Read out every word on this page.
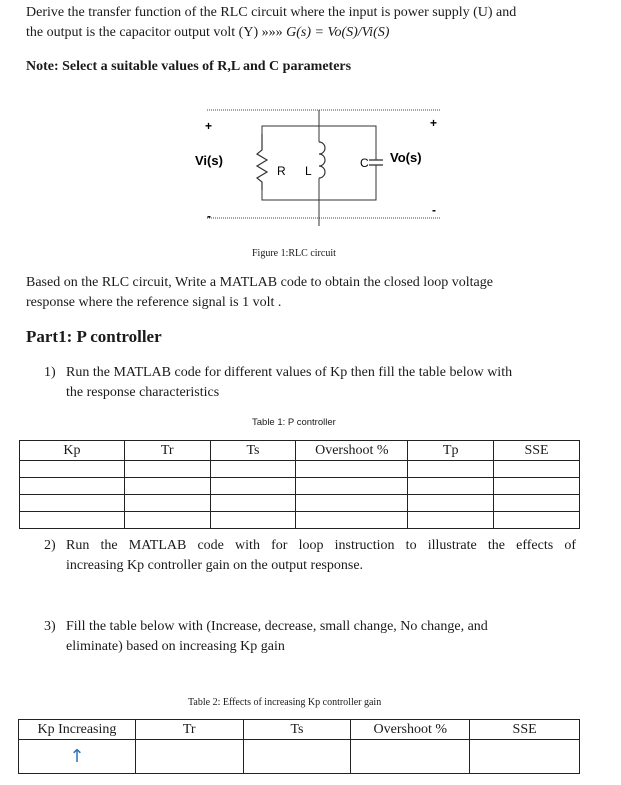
Derive the transfer function of the RLC circuit where the input is power supply (U) and
the output is the capacitor output volt (Y) »»» G(s) = Vo(S)/Vi(S)
Note: Select a suitable values of R,L and C parameters
+
-
Vi(s)
R L
C
+
-
Vo(s)
Figure 1:RLC circuit
Based on the RLC circuit, Write a MATLAB code to obtain the closed loop voltage
response where the reference signal is 1 volt .
Part1: P controller
1) Run the MATLAB code for different values of Kp then fill the table below with
the response characteristics
Table 1: P controller
Kp	Tr	Ts	Overshoot %	Tp	SSE

2) Run the MATLAB code with for loop instruction to illustrate the effects of
increasing Kp controller gain on the output response.
3) Fill the table below with (Increase, decrease, small change, No change, and
eliminate) based on increasing Kp gain
Table 2: Effects of increasing Kp controller gain
Kp Increasing	Tr	Ts	Overshoot %	SSE
↑				
